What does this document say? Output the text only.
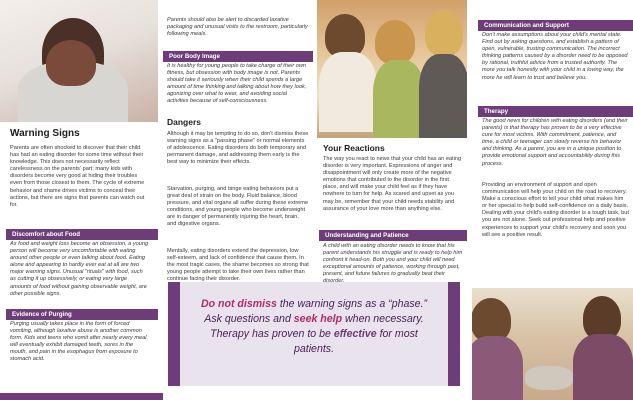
Warning Signs

Parents are often shocked to discover that their child has had an eating disorder for some time without their knowledge. This does not necessarily reflect carelessness on the parents' part; many kids with disorders become very good at hiding their troubles even from those closest to them. The cycle of extreme behavior and shame drives victims to conceal their actions, but there are signs that parents can watch out for.

Discomfort about Food

As food and weight loss become an obsession, a young person will become very uncomfortable with eating around other people or even talking about food. Eating alone and appearing to hardly ever eat at all are two major warning signs. Unusual "rituals" with food, such as cutting it up obsessively, or eating very large amounts of food without gaining observable weight, are other possible signs.

Evidence of Purging

Purging usually takes place in the form of forced vomiting, although laxative abuse is another common form. Kids and teens who vomit after nearly every meal will eventually exhibit damaged teeth, sores in the mouth, and pain in the esophagus from exposure to stomach acid.

Parents should also be alert to discarded laxative packaging and unusual visits to the restroom, particularly following meals.

Poor Body Image

It is healthy for young people to take charge of their own fitness, but obsession with body image is not. Parents should take it seriously when their child spends a large amount of time thinking and talking about how they look, agonizing over what to wear, and avoiding social activities because of self-consciousness.

Dangers

Although it may be tempting to do so, don't dismiss these warning signs as a "passing phase" or normal elements of adolescence. Eating disorders do both temporary and permanent damage, and addressing them early is the best way to minimize their effects.

Starvation, purging, and binge eating behaviors put a great deal of strain on the body. Fluid balance, blood pressure, and vital organs all suffer during these extreme conditions, and young people who become underweight are in danger of permanently injuring the heart, brain, and digestive organs.

Mentally, eating disorders extend the depression, low self-esteem, and lack of confidence that cause them. In the most tragic cases, the shame becomes so strong that young people attempt to take their own lives rather than continue facing their disorder.

Your Reactions

The way you react to news that your child has an eating disorder is very important. Expressions of anger and disappointment will only create more of the negative emotions that contributed to the disorder in the first place, and will make your child feel as if they have nowhere to turn for help. As scared and upset as you may be, remember that your child needs stability and assurance of your love more than anything else.

Understanding and Patience

A child with an eating disorder needs to know that his parent understands his struggle and is ready to help him confront it head-on. Both you and your child will need exceptional amounts of patience, working through past, present, and future failures to gradually beat their

Communication and Support

Don't make assumptions about your child's mental state. Find out by asking questions, and establish a pattern of open, vulnerable, trusting communication. The incorrect thinking patterns caused by a disorder need to be opposed by rational, truthful advice from a trusted authority. The more you talk honestly with your child in a loving way, the more he will learn to trust and believe you.

Therapy

The good news for children with eating disorders (and their parents) is that therapy has proven to be a very effective cure for most victims. With commitment, patience, and time, a child or teenager can slowly reverse his behavior and thinking. As a parent, you are in a unique position to provide emotional support and accountability during this process.

Providing an environment of support and open communication will help your child on the road to recovery. Make a conscious effort to tell your child what makes him or her special to help build self-confidence on a daily basis. Dealing with your child's eating disorder is a tough task, but you are not alone. Seek out professional help and positive experiences to support your child's recovery and soon you will see a positive result.

Do not dismiss the warning signs as a “phase.” Ask questions and seek help when necessary. Therapy has proven to be effective for most patients.
